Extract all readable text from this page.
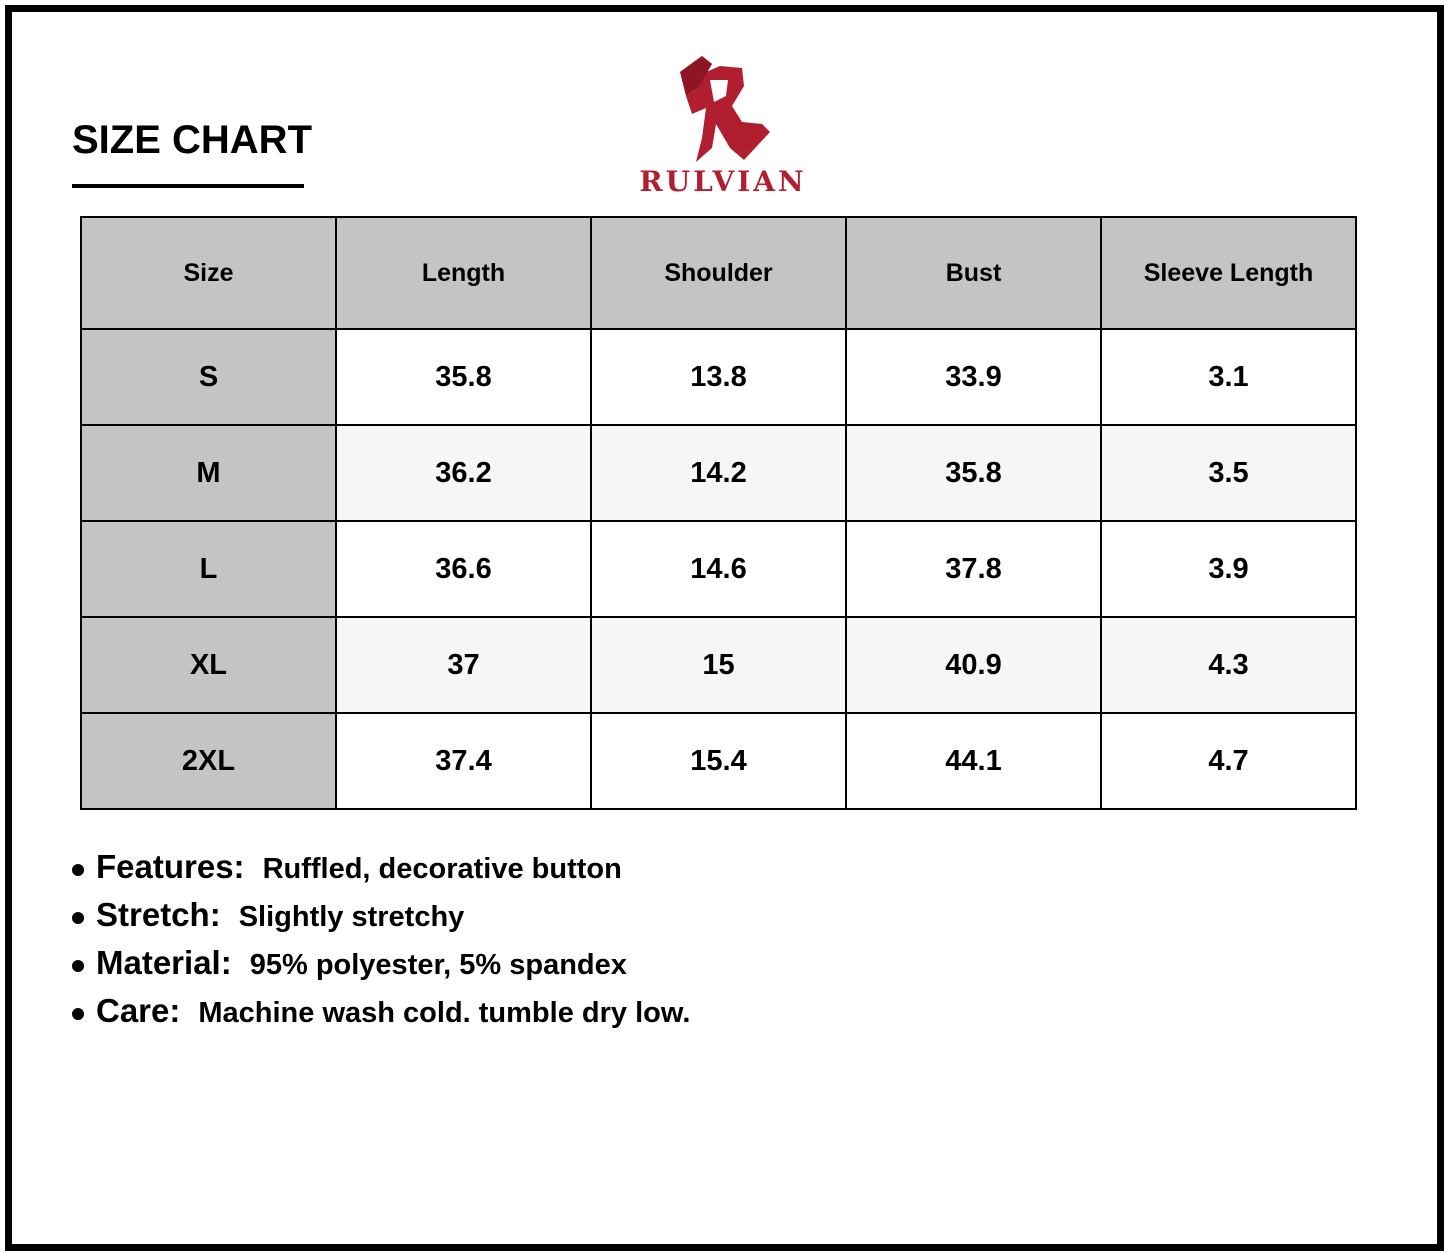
SIZE CHART
RULVIAN
Size	Length	Shoulder	Bust	Sleeve Length
S	35.8	13.8	33.9	3.1
M	36.2	14.2	35.8	3.5
L	36.6	14.6	37.8	3.9
XL	37	15	40.9	4.3
2XL	37.4	15.4	44.1	4.7
Features: Ruffled, decorative button
Stretch: Slightly stretchy
Material: 95% polyester, 5% spandex
Care: Machine wash cold. tumble dry low.
